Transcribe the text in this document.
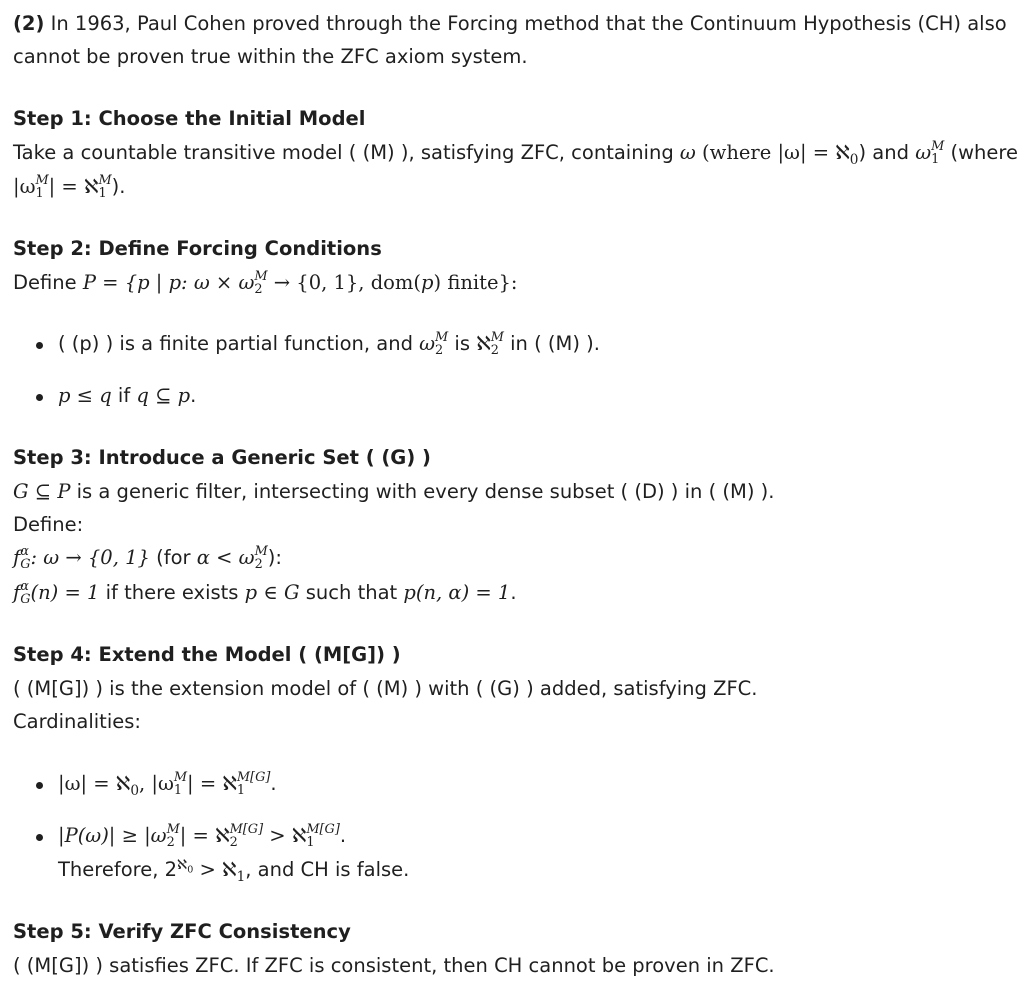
(2) In 1963, Paul Cohen proved through the Forcing method that the Continuum Hypothesis (CH) also
cannot be proven true within the ZFC axiom system.
Step 1: Choose the Initial Model
Take a countable transitive model ( (M) ), satisfying ZFC, containing ω (where |ω| = ℵ$_0$) and ω M
1 (where
|ω M
1 | = ℵ M
1 ).
Step 2: Define Forcing Conditions
Define P = {p | p: ω × ω M
2 → {0, 1}, dom(p) finite}:
( (p) ) is a finite partial function, and ω M
2 is ℵ M
2 in ( (M) ).
p ≤ q if q ⊆ p.
Step 3: Introduce a Generic Set ( (G) )
G ⊆ P is a generic filter, intersecting with every dense subset ( (D) ) in ( (M) ).
Define:
f α
G : ω → {0, 1} (for α < ω M
2 ):
f α
G (n) = 1 if there exists p ∈ G such that p(n, α) = 1.
Step 4: Extend the Model ( (M[G]) )
( (M[G]) ) is the extension model of ( (M) ) with ( (G) ) added, satisfying ZFC.
Cardinalities:
|ω| = ℵ$_0$, |ω M
1 | = ℵ M[G]
1	.
|P(ω)| ≥ |ω M
2 | = ℵ M[G]
2	> ℵ M[G]
1	.
Therefore, $2^{ℵ_0}$ > ℵ$_1$, and CH is false.
Step 5: Verify ZFC Consistency
( (M[G]) ) satisfies ZFC. If ZFC is consistent, then CH cannot be proven in ZFC.
